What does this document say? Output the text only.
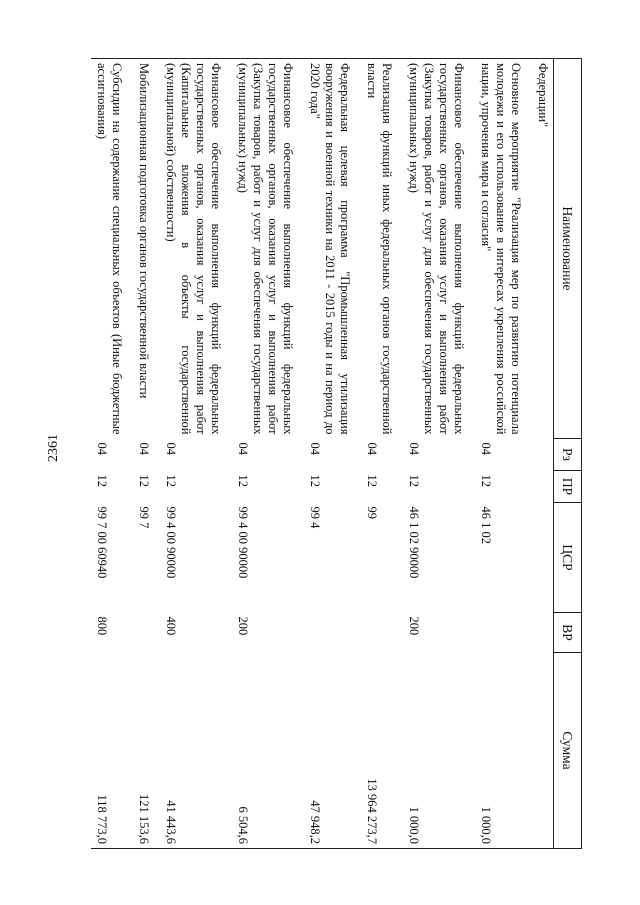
2361
Наименование	Рз	ПР	ЦСР	ВР	Сумма
Федерации"					

Основное мероприятие "Реализация мер по развитию потенциала молодежи и его использование в интересах укрепления российской нации, упрочения мира и согласия"	04	12	46 1 02		1 000,0

Финансовое обеспечение выполнения функций федеральных государственных органов, оказания услуг и выполнения работ (Закупка товаров, работ и услуг для обеспечения государственных (муниципальных) нужд)	04	12	46 1 02 90000	200	1 000,0

Реализация функций иных федеральных органов государственной власти	04	12	99		13 964 273,7

Федеральная целевая программа "Промышленная утилизация вооружения и военной техники на 2011 - 2015 годы и на период до 2020 года"	04	12	99 4		47 948,2

Финансовое обеспечение выполнения функций федеральных государственных органов, оказания услуг и выполнения работ (Закупка товаров, работ и услуг для обеспечения государственных (муниципальных) нужд)	04	12	99 4 00 90000	200	6 504,6

Финансовое обеспечение выполнения функций федеральных государственных органов, оказания услуг и выполнения работ (Капитальные вложения в объекты государственной (муниципальной) собственности)	04	12	99 4 00 90000	400	41 443,6

Мобилизационная подготовка органов государственной власти	04	12	99 7		121 153,6

Субсидии на содержание специальных объектов (Иные бюджетные ассигнования)	04	12	99 7 00 60940	800	118 773,0
